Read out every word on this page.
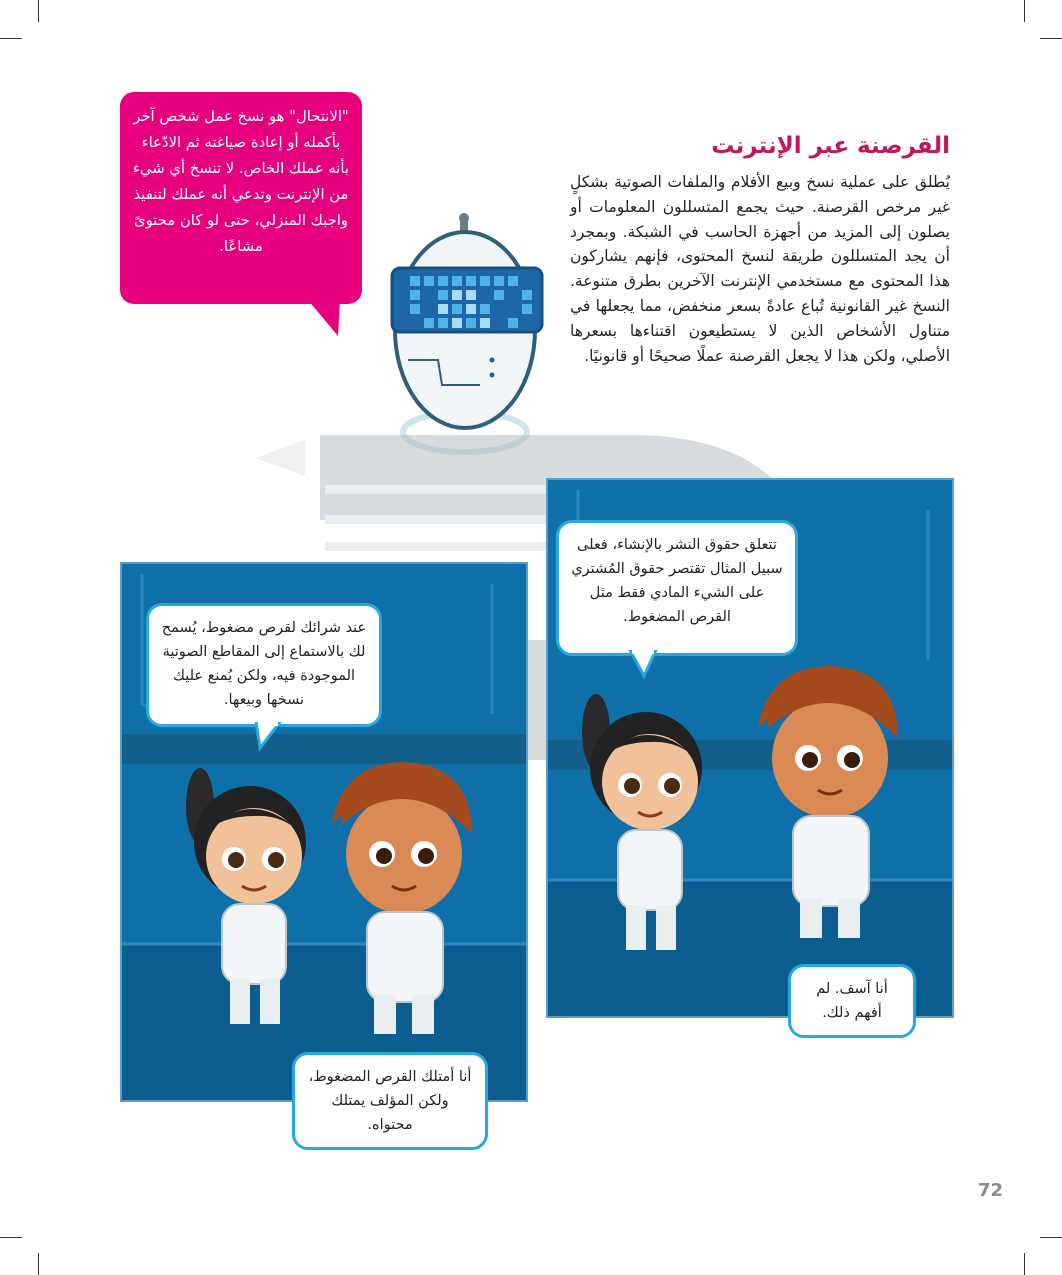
القرصنة عبر الإنترنت

يُطلق على عملية نسخ وبيع الأفلام والملفات الصوتية بشكلٍ غير مرخص القرصنة. حيث يجمع المتسللون المعلومات أو يصلون إلى المزيد من أجهزة الحاسب في الشبكة. وبمجرد أن يجد المتسللون طريقة لنسخ المحتوى، فإنهم يشاركون هذا المحتوى مع مستخدمي الإنترنت الآخرين بطرق متنوعة. النسخ غير القانونية تُباع عادةً بسعر منخفض، مما يجعلها في متناول الأشخاص الذين لا يستطيعون اقتناءها بسعرها الأصلي، ولكن هذا لا يجعل القرصنة عملًا صحيحًا أو قانونيًا.

"الانتحال" هو نسخ عمل شخص آخر بأكمله أو إعادة صياغته ثم الادّعاء بأنه عملك الخاص. لا تنسخ أي شيء من الإنترنت وتدعي أنه عملك لتنفيذ واجبك المنزلي، حتى لو كان محتوىً مشاعًا.

عند شرائك لقرص مضغوط، يُسمح لك بالاستماع إلى المقاطع الصوتية الموجودة فيه، ولكن يُمنع عليك نسخها وبيعها.
أنا أمتلك القرص المضغوط، ولكن المؤلف يمتلك محتواه.
تتعلق حقوق النشر بالإنشاء، فعلى سبيل المثال تقتصر حقوق المُشتري على الشيء المادي فقط مثل القرص المضغوط.
أنا آسف. لم أفهم ذلك.
72
